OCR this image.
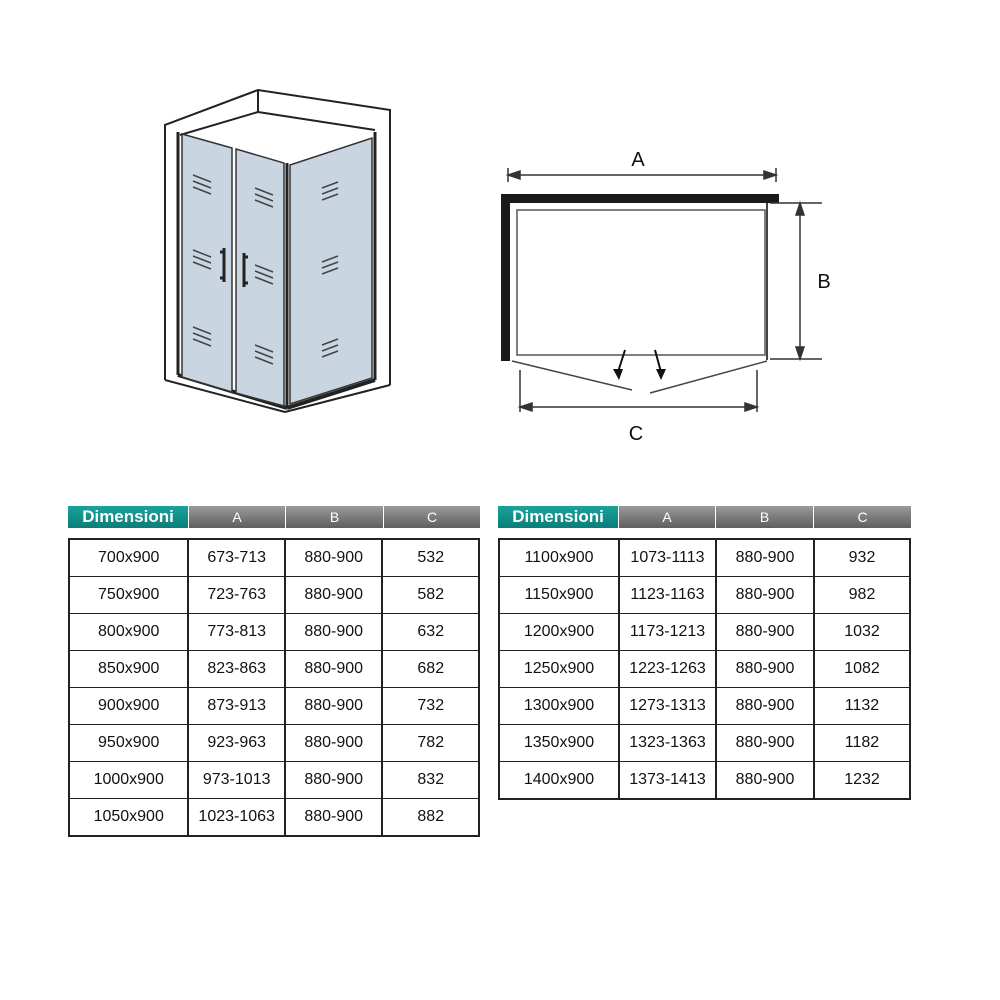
A
B
C
Dimensioni	A	B	C
700x900	673-713	880-900	532
750x900	723-763	880-900	582
800x900	773-813	880-900	632
850x900	823-863	880-900	682
900x900	873-913	880-900	732
950x900	923-963	880-900	782
1000x900	973-1013	880-900	832
1050x900	1023-1063	880-900	882
Dimensioni	A	B	C
1100x900	1073-1113	880-900	932
1150x900	1123-1163	880-900	982
1200x900	1173-1213	880-900	1032
1250x900	1223-1263	880-900	1082
1300x900	1273-1313	880-900	1132
1350x900	1323-1363	880-900	1182
1400x900	1373-1413	880-900	1232
